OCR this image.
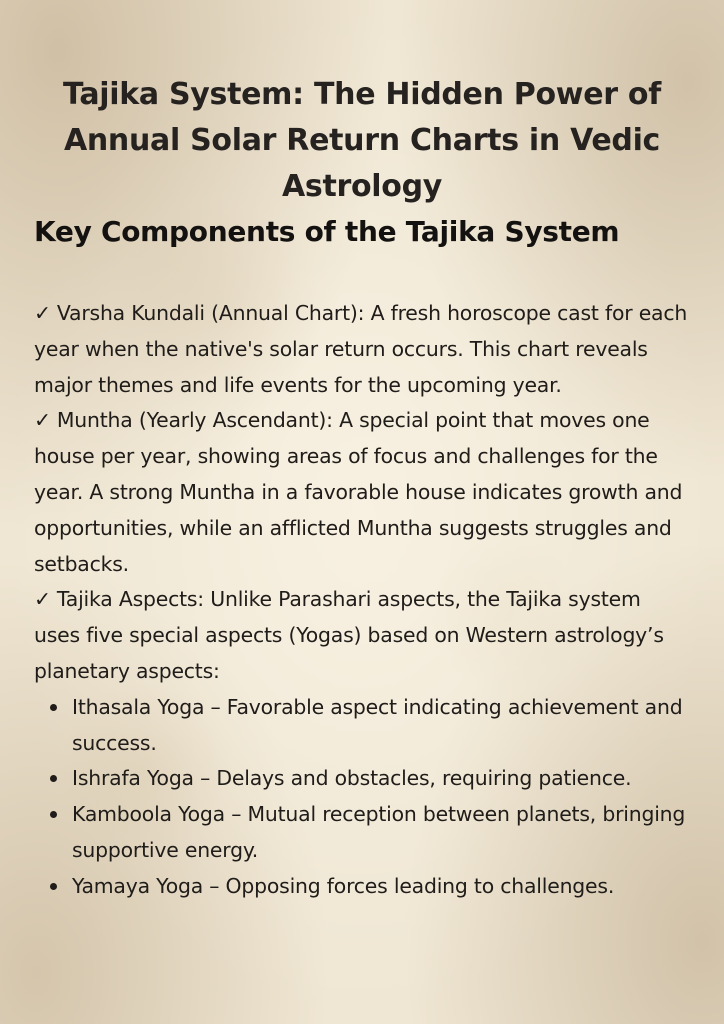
Tajika System: The Hidden Power of Annual Solar Return Charts in Vedic Astrology
Key Components of the Tajika System

✓ Varsha Kundali (Annual Chart): A fresh horoscope cast for each year when the native's solar return occurs. This chart reveals major themes and life events for the upcoming year.

✓ Muntha (Yearly Ascendant): A special point that moves one house per year, showing areas of focus and challenges for the year. A strong Muntha in a favorable house indicates growth and opportunities, while an afflicted Muntha suggests struggles and setbacks.

✓ Tajika Aspects: Unlike Parashari aspects, the Tajika system uses five special aspects (Yogas) based on Western astrology’s planetary aspects:

Ithasala Yoga – Favorable aspect indicating achievement and success.
Ishrafa Yoga – Delays and obstacles, requiring patience.
Kamboola Yoga – Mutual reception between planets, bringing supportive energy.
Yamaya Yoga – Opposing forces leading to challenges.
